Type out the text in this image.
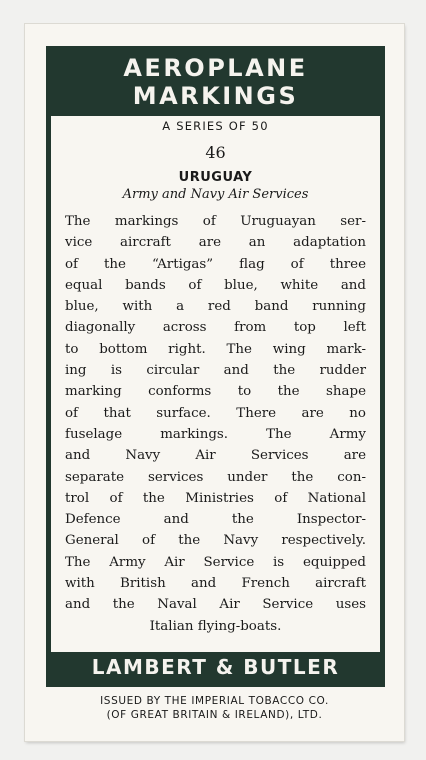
AEROPLANE
MARKINGS
A SERIES OF 50
46
URUGUAY
Army and Navy Air Services
The markings of Uruguayan ser-
vice aircraft are an adaptation
of the “Artigas” flag of three
equal bands of blue, white and
blue, with a red band running
diagonally across from top left
to bottom right. The wing mark-
ing is circular and the rudder
marking conforms to the shape
of that surface. There are no
fuselage markings. The Army
and Navy Air Services are
separate services under the con-
trol of the Ministries of National
Defence and the Inspector-
General of the Navy respectively.
The Army Air Service is equipped
with British and French aircraft
and the Naval Air Service uses
Italian flying-boats.
LAMBERT & BUTLER
ISSUED BY THE IMPERIAL TOBACCO CO.
(OF GREAT BRITAIN & IRELAND), LTD.
